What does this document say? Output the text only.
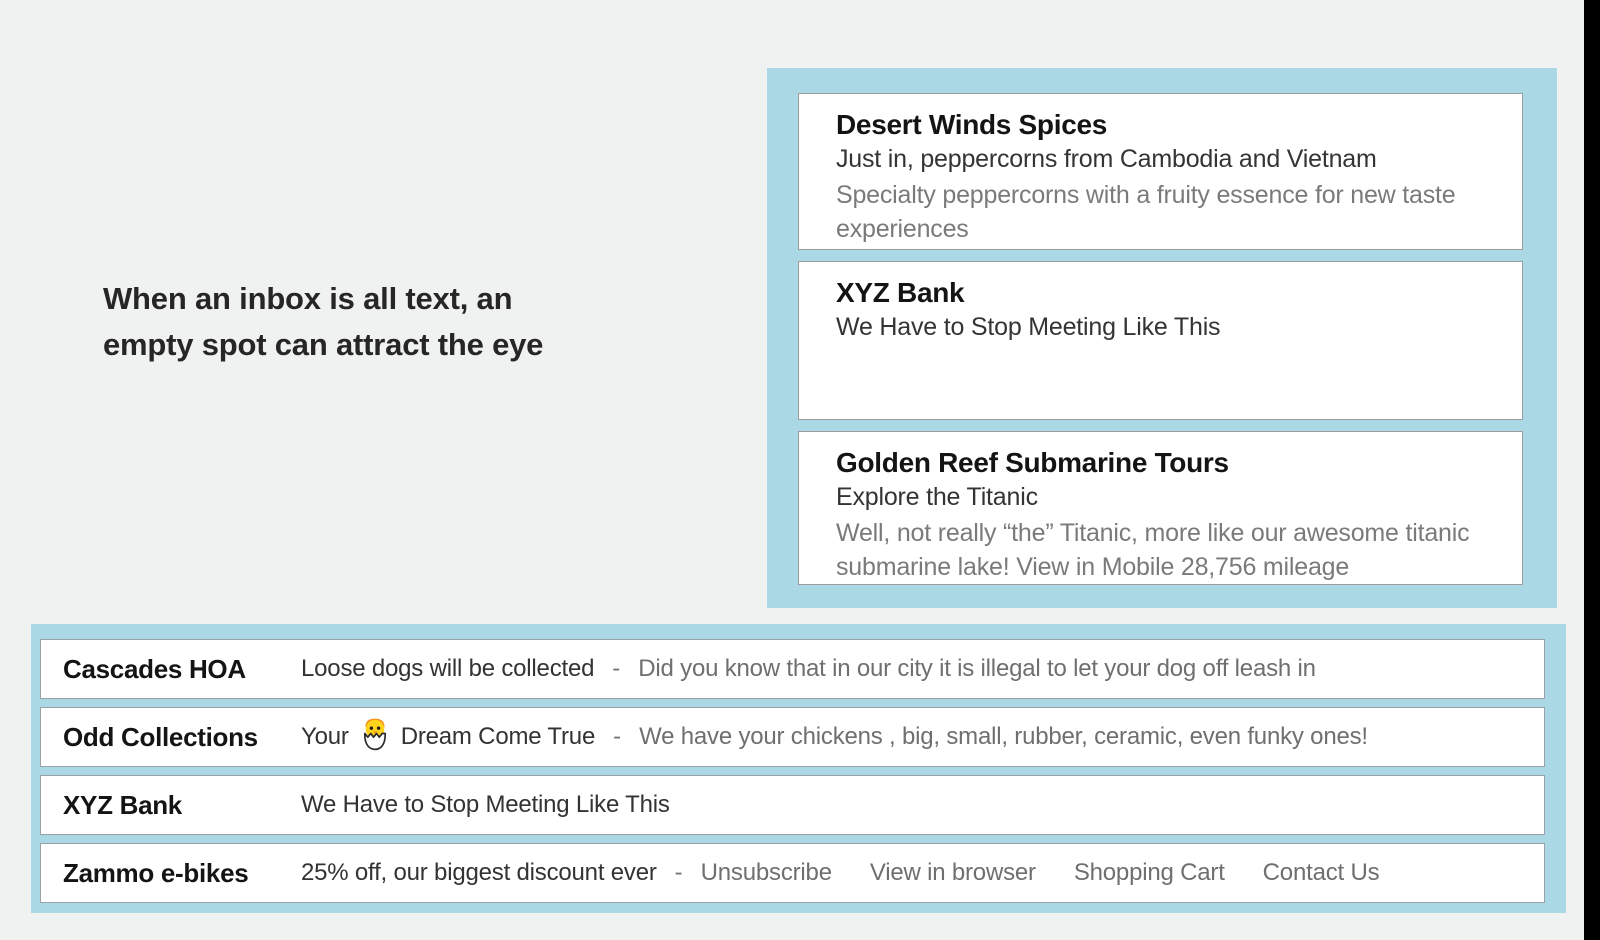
When an inbox is all text, an
empty spot can attract the eye
Desert Winds Spices
Just in, peppercorns from Cambodia and Vietnam
Specialty peppercorns with a fruity essence for new taste experiences
XYZ Bank
We Have to Stop Meeting Like This
Golden Reef Submarine Tours
Explore the Titanic
Well, not really “the” Titanic, more like our awesome titanic submarine lake! View in Mobile 28,756 mileage
Cascades HOA	Loose dogs will be collected - Did you know that in our city it is illegal to let your dog off leash in
Odd Collections	Your Dream Come True - We have your chickens , big, small, rubber, ceramic, even funky ones!
XYZ Bank	We Have to Stop Meeting Like This
Zammo e-bikes	25% off, our biggest discount ever - Unsubscribe View in browser Shopping Cart Contact Us
